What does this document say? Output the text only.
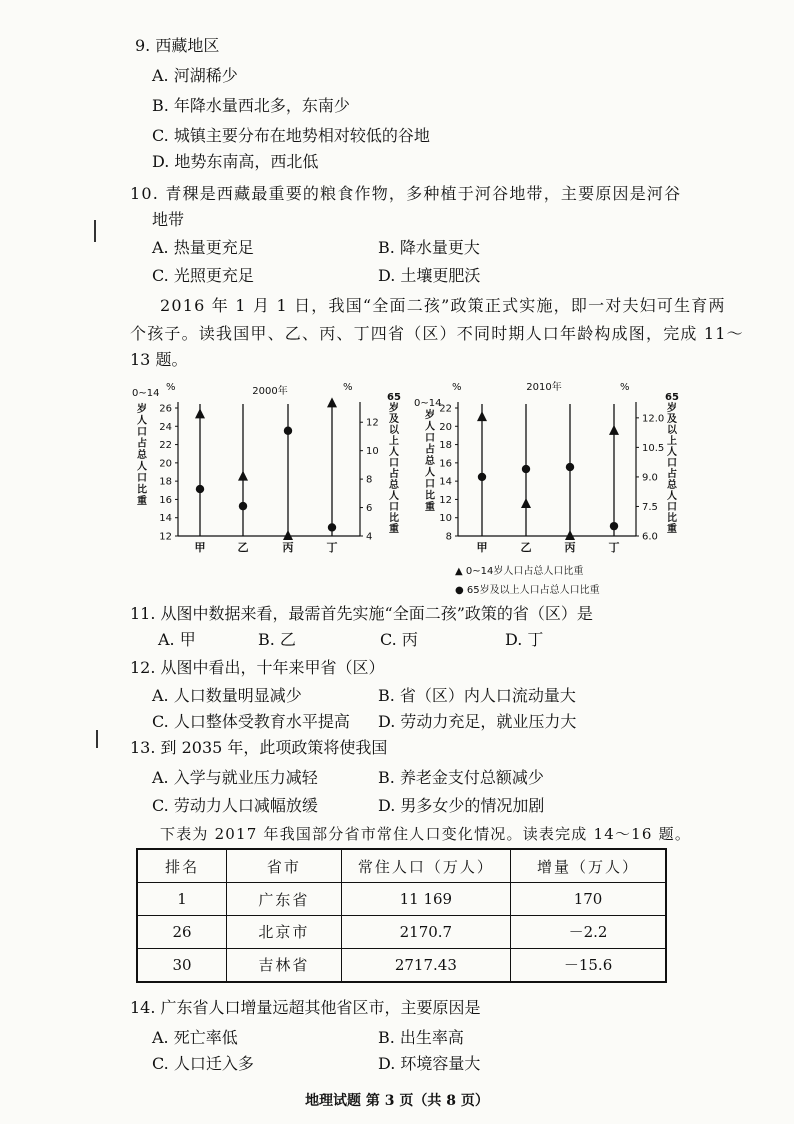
9. 西藏地区
A. 河湖稀少
B. 年降水量西北多，东南少
C. 城镇主要分布在地势相对较低的谷地
D. 地势东南高，西北低
10. 青稞是西藏最重要的粮食作物，多种植于河谷地带，主要原因是河谷
地带
A. 热量更充足	B. 降水量更大
C. 光照更充足	D. 土壤更肥沃
2016 年 1 月 1 日，我国“全面二孩”政策正式实施，即一对夫妇可生育两
个孩子。读我国甲、乙、丙、丁四省（区）不同时期人口年龄构成图，完成 11～
13 题。
0~14
%	%
2000年
岁
人
口
占
总
人
口
比
重
65
岁
及
以
上
人
口
占
总
人
口
比
重
12
14
16
18
20
22
24
26
4
6
8
10
12
甲	乙	丙	丁
0~14
%	%
2010年
岁
人
口
占
总
人
口
比
重
65
岁
及
以
上
人
口
占
总
人
口
比
重
8
10
12
14
16
18
20
22
6.0
7.5
9.0
10.5
12.0
甲	乙	丙	丁
▲ 0~14岁人口占总人口比重
● 65岁及以上人口占总人口比重
11. 从图中数据来看，最需首先实施“全面二孩”政策的省（区）是
A. 甲	B. 乙	C. 丙	D. 丁
12. 从图中看出，十年来甲省（区）
A. 人口数量明显减少	B. 省（区）内人口流动量大
C. 人口整体受教育水平提高 D. 劳动力充足，就业压力大
13. 到 2035 年，此项政策将使我国
A. 入学与就业压力减轻	B. 养老金支付总额减少
C. 劳动力人口减幅放缓	D. 男多女少的情况加剧
下表为 2017 年我国部分省市常住人口变化情况。读表完成 14～16 题。
排名	省市	常住人口（万人）	增量（万人）
1	广东省	11 169	170
26	北京市	2170.7	－2.2
30	吉林省	2717.43	－15.6
14. 广东省人口增量远超其他省区市，主要原因是
A. 死亡率低	B. 出生率高
C. 人口迁入多	D. 环境容量大
地理试题 第 3 页（共 8 页）
